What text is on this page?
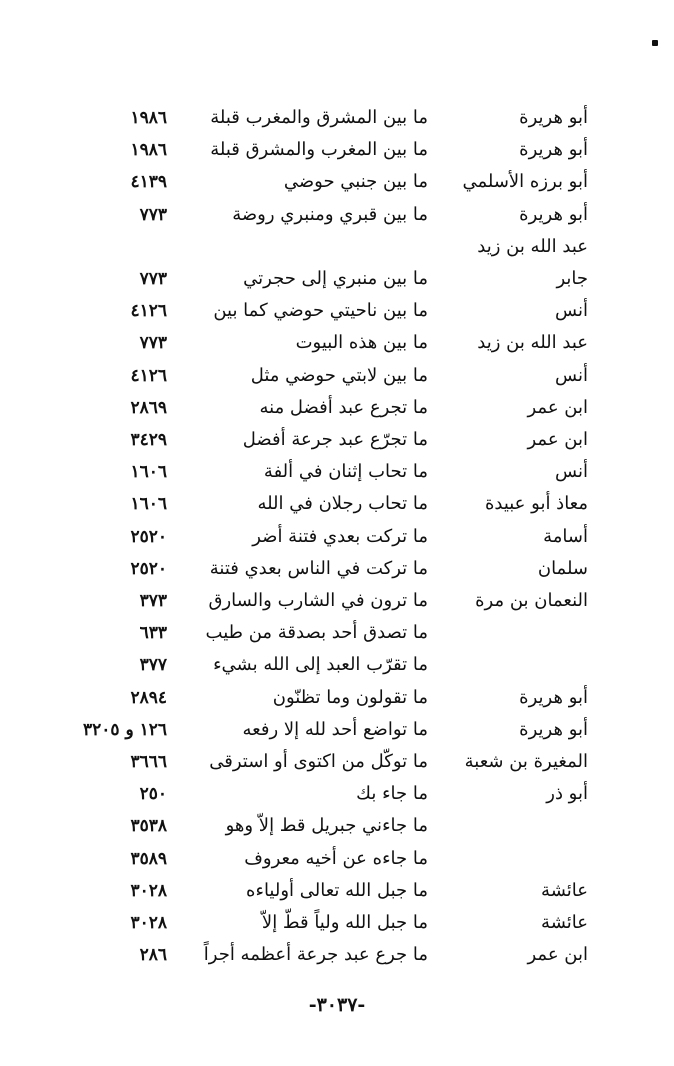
أبو هريرة
ما بين المشرق والمغرب قبلة
١٩٨٦
أبو هريرة
ما بين المغرب والمشرق قبلة
١٩٨٦
أبو برزه الأسلمي
ما بين جنبي حوضي
٤١٣٩
أبو هريرة
ما بين قبري ومنبري روضة
٧٧٣
عبد الله بن زيد
جابر
ما بين منبري إلى حجرتي
٧٧٣
أنس
ما بين ناحيتي حوضي كما بين
٤١٢٦
عبد الله بن زيد
ما بين هذه البيوت
٧٧٣
أنس
ما بين لابتي حوضي مثل
٤١٢٦
ابن عمر
ما تجرع عبد أفضل منه
٢٨٦٩
ابن عمر
ما تجرّع عبد جرعة أفضل
٣٤٢٩
أنس
ما تحاب إثنان في ألفة
١٦٠٦
معاذ أبو عبيدة
ما تحاب رجلان في الله
١٦٠٦
أسامة
ما تركت بعدي فتنة أضر
٢٥٢٠
سلمان
ما تركت في الناس بعدي فتنة
٢٥٢٠
النعمان بن مرة
ما ترون في الشارب والسارق
٣٧٣
ما تصدق أحد بصدقة من طيب
٦٣٣
ما تقرّب العبد إلى الله بشيء
٣٧٧
أبو هريرة
ما تقولون وما تظنّون
٢٨٩٤
أبو هريرة
ما تواضع أحد لله إلا رفعه
١٢٦ و ٣٢٠٥
المغيرة بن شعبة
ما توكّل من اكتوى أو استرقى
٣٦٦٦
أبو ذر
ما جاء بك
٢٥٠
ما جاءني جبريل قط إلاّ وهو
٣٥٣٨
ما جاءه عن أخيه معروف
٣٥٨٩
عائشة
ما جبل الله تعالى أولياءه
٣٠٢٨
عائشة
ما جبل الله ولياً قطّ إلاّ
٣٠٢٨
ابن عمر
ما جرع عبد جرعة أعظمه أجراً
٢٨٦
-٣٠٣٧-
